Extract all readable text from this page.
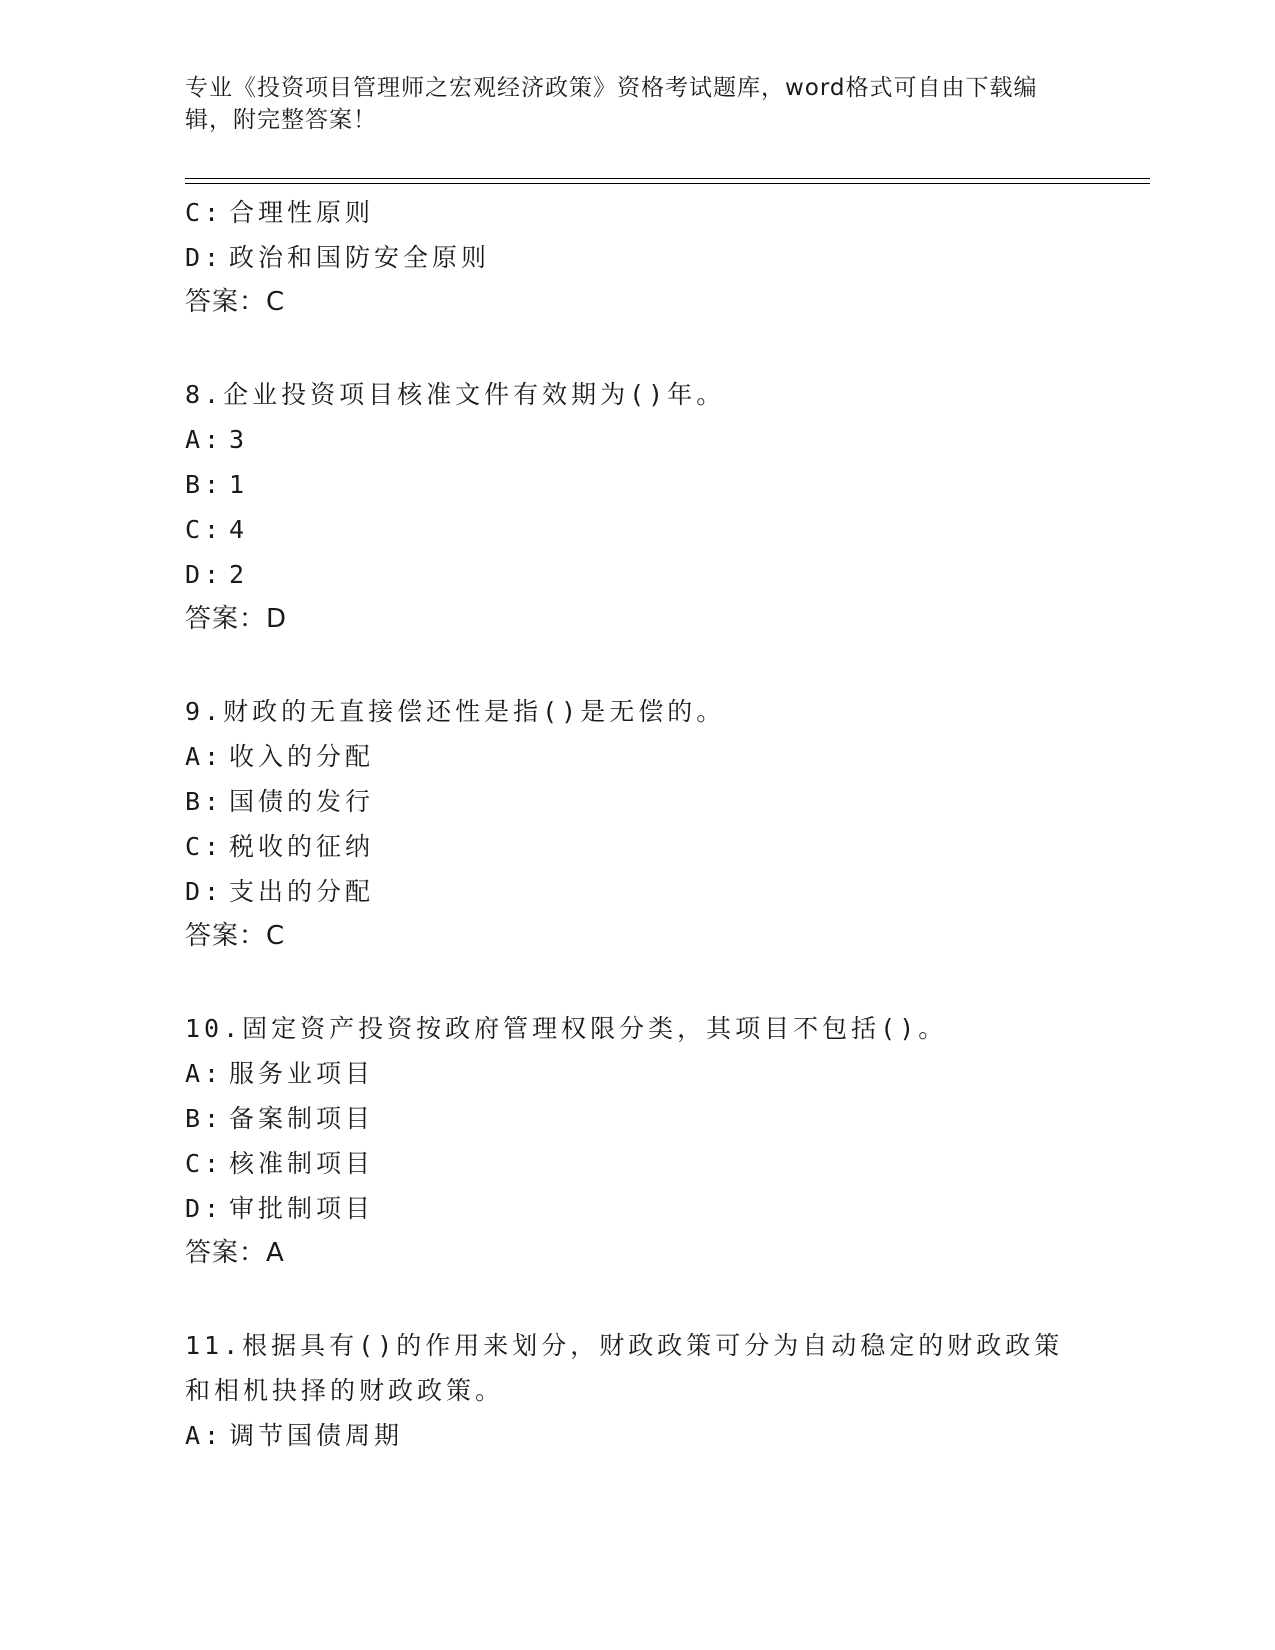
专业《投资项目管理师之宏观经济政策》资格考试题库，word格式可自由下载编辑，附完整答案！
C: 合理性原则
D: 政治和国防安全原则
答案：C
8.企业投资项目核准文件有效期为()年。
A: 3
B: 1
C: 4
D: 2
答案：D
9.财政的无直接偿还性是指()是无偿的。
A: 收入的分配
B: 国债的发行
C: 税收的征纳
D: 支出的分配
答案：C
10.固定资产投资按政府管理权限分类，其项目不包括()。
A: 服务业项目
B: 备案制项目
C: 核准制项目
D: 审批制项目
答案：A
11.根据具有()的作用来划分，财政政策可分为自动稳定的财政政策和相机抉择的财政政策。
A: 调节国债周期
